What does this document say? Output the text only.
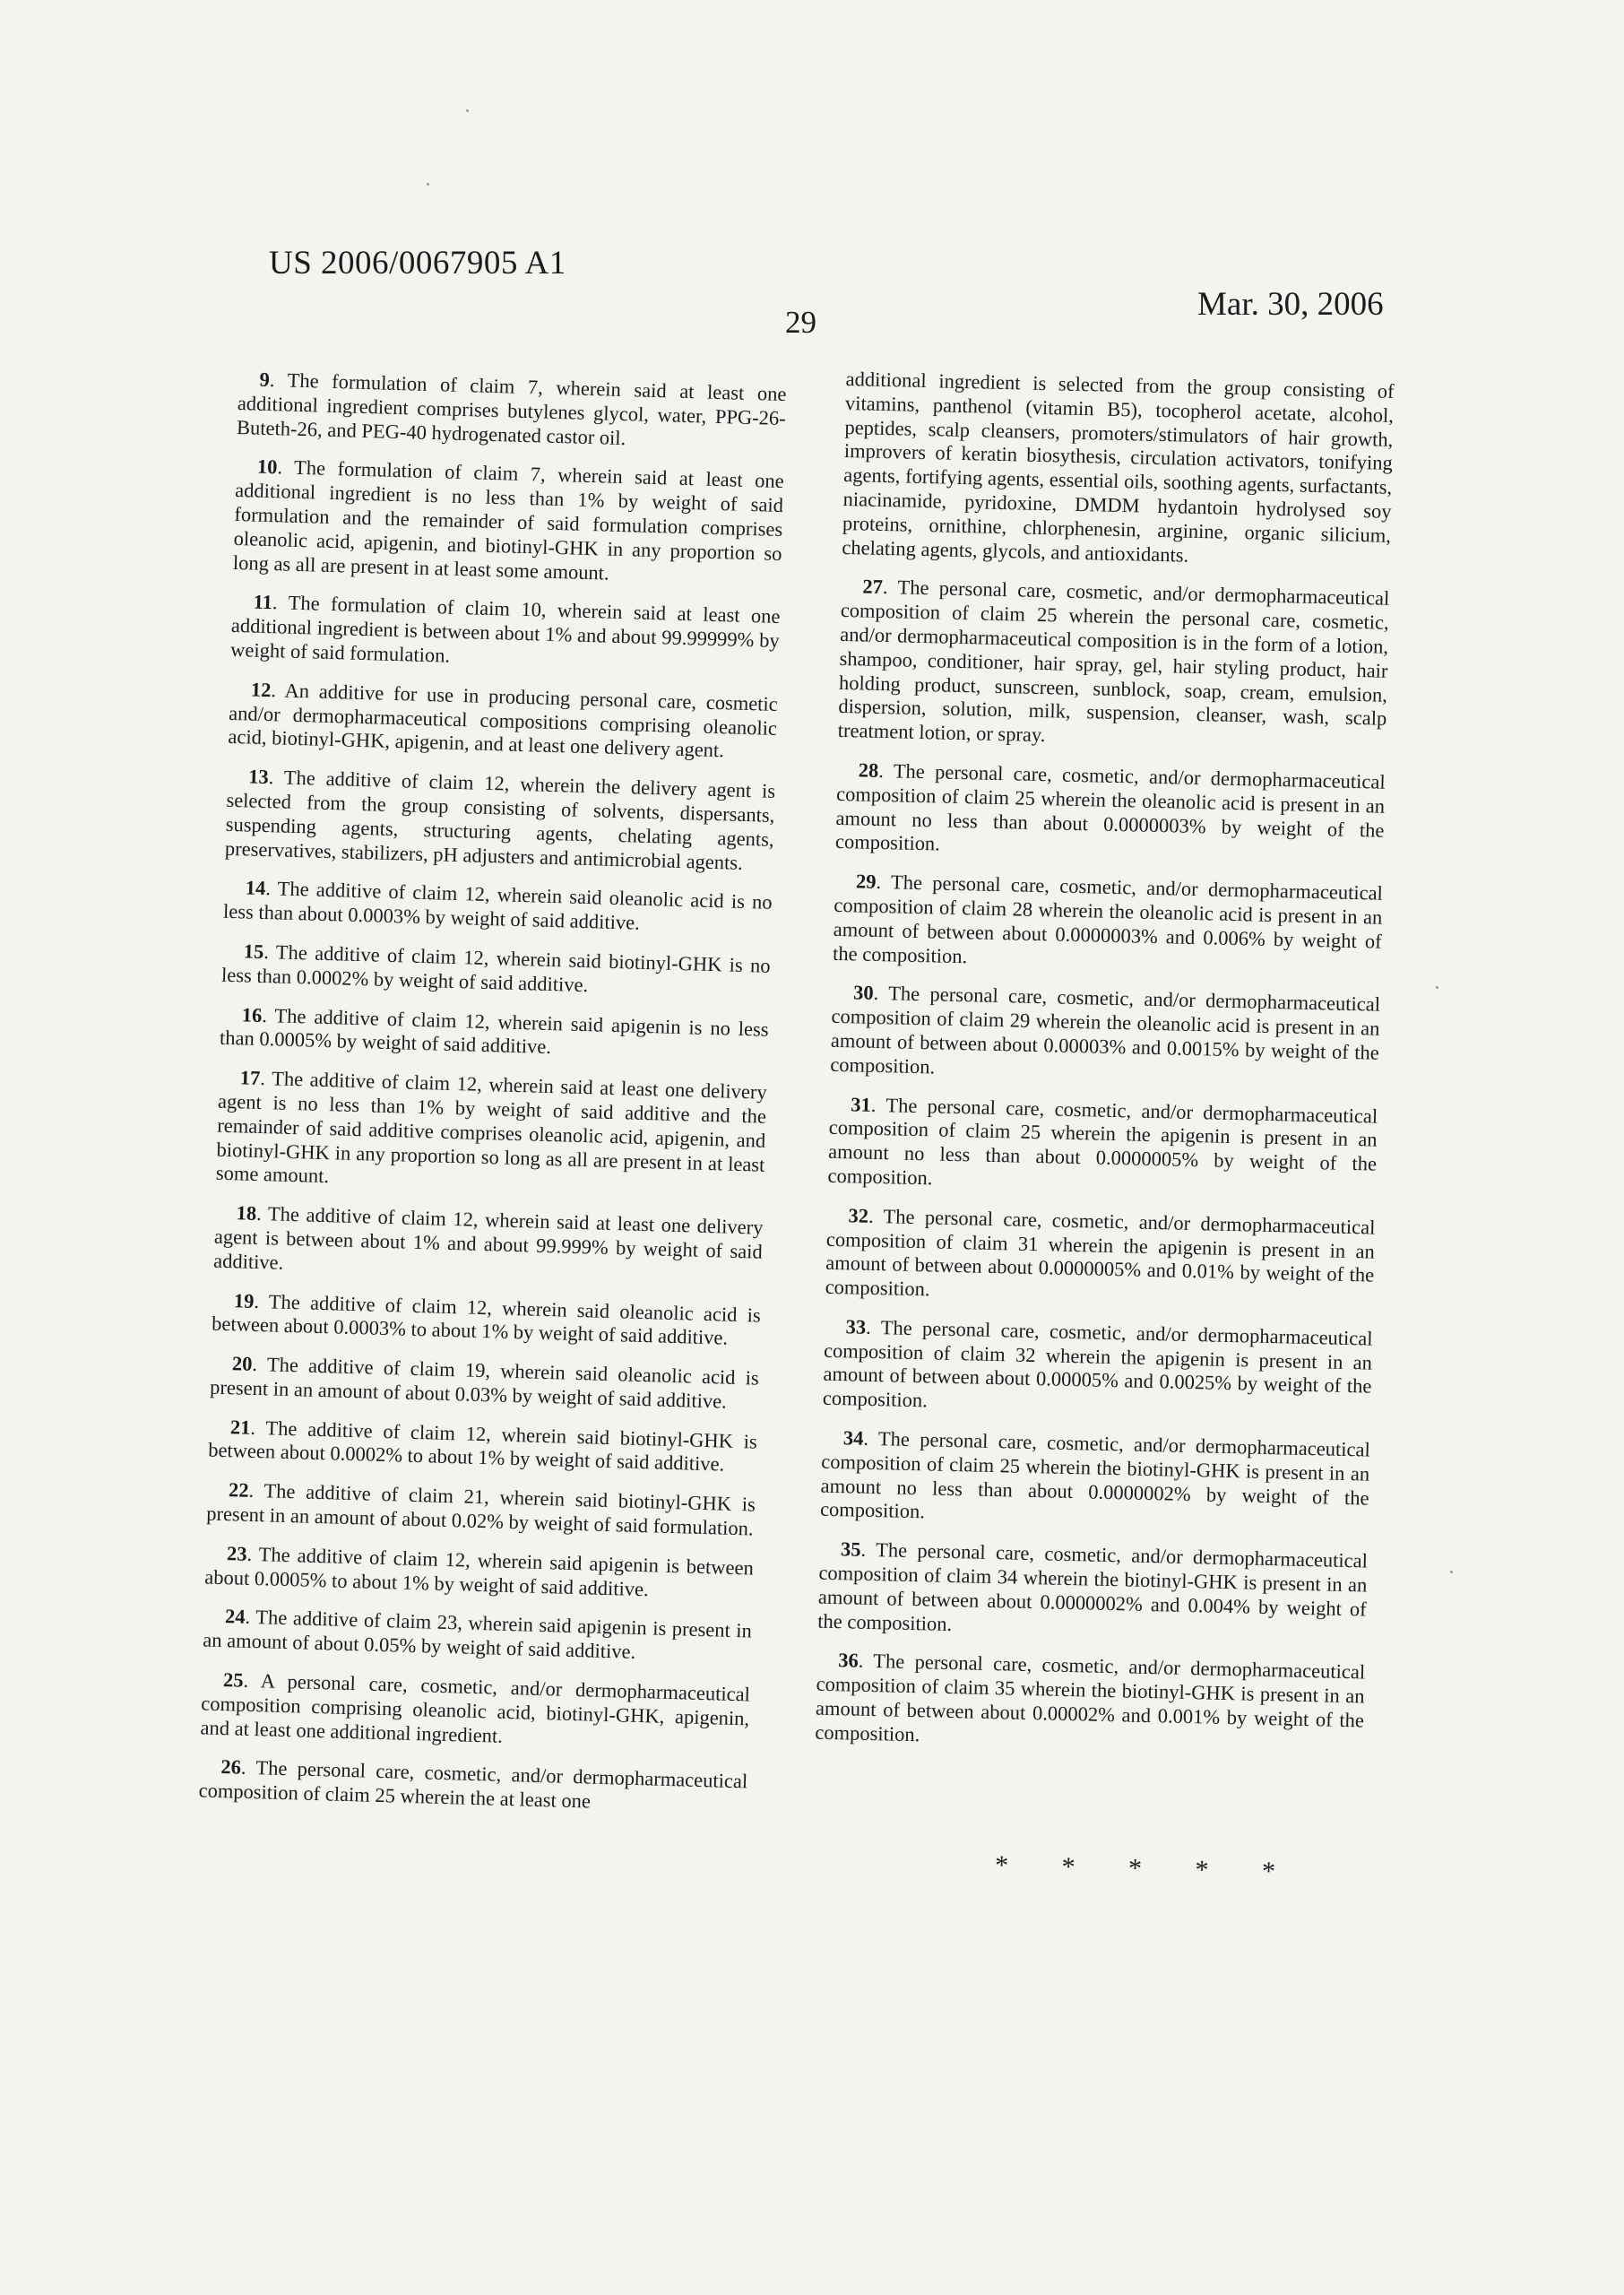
US 2006/0067905 A1
29	Mar. 30, 2006

9. The formulation of claim 7, wherein said at least one additional ingredient comprises butylenes glycol, water, PPG-26-Buteth-26, and PEG-40 hydrogenated castor oil.

10. The formulation of claim 7, wherein said at least one additional ingredient is no less than 1% by weight of said formulation and the remainder of said formulation comprises oleanolic acid, apigenin, and biotinyl-GHK in any proportion so long as all are present in at least some amount.

11. The formulation of claim 10, wherein said at least one additional ingredient is between about 1% and about 99.99999% by weight of said formulation.

12. An additive for use in producing personal care, cosmetic and/or dermopharmaceutical compositions comprising oleanolic acid, biotinyl-GHK, apigenin, and at least one delivery agent.

13. The additive of claim 12, wherein the delivery agent is selected from the group consisting of solvents, dispersants, suspending agents, structuring agents, chelating agents, preservatives, stabilizers, pH adjusters and antimicrobial agents.

14. The additive of claim 12, wherein said oleanolic acid is no less than about 0.0003% by weight of said additive.

15. The additive of claim 12, wherein said biotinyl-GHK is no less than 0.0002% by weight of said additive.

16. The additive of claim 12, wherein said apigenin is no less than 0.0005% by weight of said additive.

17. The additive of claim 12, wherein said at least one delivery agent is no less than 1% by weight of said additive and the remainder of said additive comprises oleanolic acid, apigenin, and biotinyl-GHK in any proportion so long as all are present in at least some amount.

18. The additive of claim 12, wherein said at least one delivery agent is between about 1% and about 99.999% by weight of said additive.

19. The additive of claim 12, wherein said oleanolic acid is between about 0.0003% to about 1% by weight of said additive.

20. The additive of claim 19, wherein said oleanolic acid is present in an amount of about 0.03% by weight of said additive.

21. The additive of claim 12, wherein said biotinyl-GHK is between about 0.0002% to about 1% by weight of said additive.

22. The additive of claim 21, wherein said biotinyl-GHK is present in an amount of about 0.02% by weight of said formulation.

23. The additive of claim 12, wherein said apigenin is between about 0.0005% to about 1% by weight of said additive.

24. The additive of claim 23, wherein said apigenin is present in an amount of about 0.05% by weight of said additive.

25. A personal care, cosmetic, and/or dermopharmaceutical composition comprising oleanolic acid, biotinyl-GHK, apigenin, and at least one additional ingredient.

26. The personal care, cosmetic, and/or dermopharmaceutical composition of claim 25 wherein the at least one

additional ingredient is selected from the group consisting of vitamins, panthenol (vitamin B5), tocopherol acetate, alcohol, peptides, scalp cleansers, promoters/stimulators of hair growth, improvers of keratin biosythesis, circulation activators, tonifying agents, fortifying agents, essential oils, soothing agents, surfactants, niacinamide, pyridoxine, DMDM hydantoin hydrolysed soy proteins, ornithine, chlorphenesin, arginine, organic silicium, chelating agents, glycols, and antioxidants.

27. The personal care, cosmetic, and/or dermopharmaceutical composition of claim 25 wherein the personal care, cosmetic, and/or dermopharmaceutical composition is in the form of a lotion, shampoo, conditioner, hair spray, gel, hair styling product, hair holding product, sunscreen, sunblock, soap, cream, emulsion, dispersion, solution, milk, suspension, cleanser, wash, scalp treatment lotion, or spray.

28. The personal care, cosmetic, and/or dermopharmaceutical composition of claim 25 wherein the oleanolic acid is present in an amount no less than about 0.0000003% by weight of the composition.

29. The personal care, cosmetic, and/or dermopharmaceutical composition of claim 28 wherein the oleanolic acid is present in an amount of between about 0.0000003% and 0.006% by weight of the composition.

30. The personal care, cosmetic, and/or dermopharmaceutical composition of claim 29 wherein the oleanolic acid is present in an amount of between about 0.00003% and 0.0015% by weight of the composition.

31. The personal care, cosmetic, and/or dermopharmaceutical composition of claim 25 wherein the apigenin is present in an amount no less than about 0.0000005% by weight of the composition.

32. The personal care, cosmetic, and/or dermopharmaceutical composition of claim 31 wherein the apigenin is present in an amount of between about 0.0000005% and 0.01% by weight of the composition.

33. The personal care, cosmetic, and/or dermopharmaceutical composition of claim 32 wherein the apigenin is present in an amount of between about 0.00005% and 0.0025% by weight of the composition.

34. The personal care, cosmetic, and/or dermopharmaceutical composition of claim 25 wherein the biotinyl-GHK is present in an amount no less than about 0.0000002% by weight of the composition.

35. The personal care, cosmetic, and/or dermopharmaceutical composition of claim 34 wherein the biotinyl-GHK is present in an amount of between about 0.0000002% and 0.004% by weight of the composition.

36. The personal care, cosmetic, and/or dermopharmaceutical composition of claim 35 wherein the biotinyl-GHK is present in an amount of between about 0.00002% and 0.001% by weight of the composition.

* * * * *
